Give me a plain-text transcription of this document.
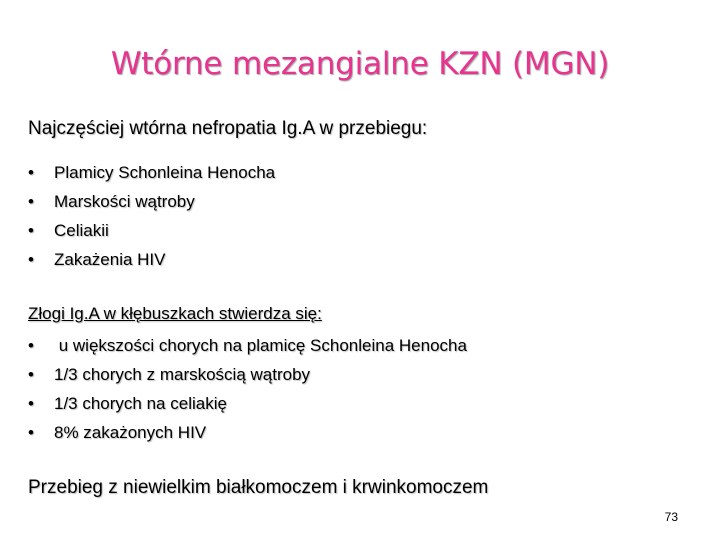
Wtórne mezangialne KZN (MGN)
Najczęściej wtórna nefropatia Ig.A w przebiegu:
• Plamicy Schonleina Henocha
• Marskości wątroby
• Celiakii
• Zakażenia HIV
Złogi Ig.A w kłębuszkach stwierdza się:
• u większości chorych na plamicę Schonleina Henocha
• 1/3 chorych z marskością wątroby
• 1/3 chorych na celiakię
• 8% zakażonych HIV
Przebieg z niewielkim białkomoczem i krwinkomoczem
73
